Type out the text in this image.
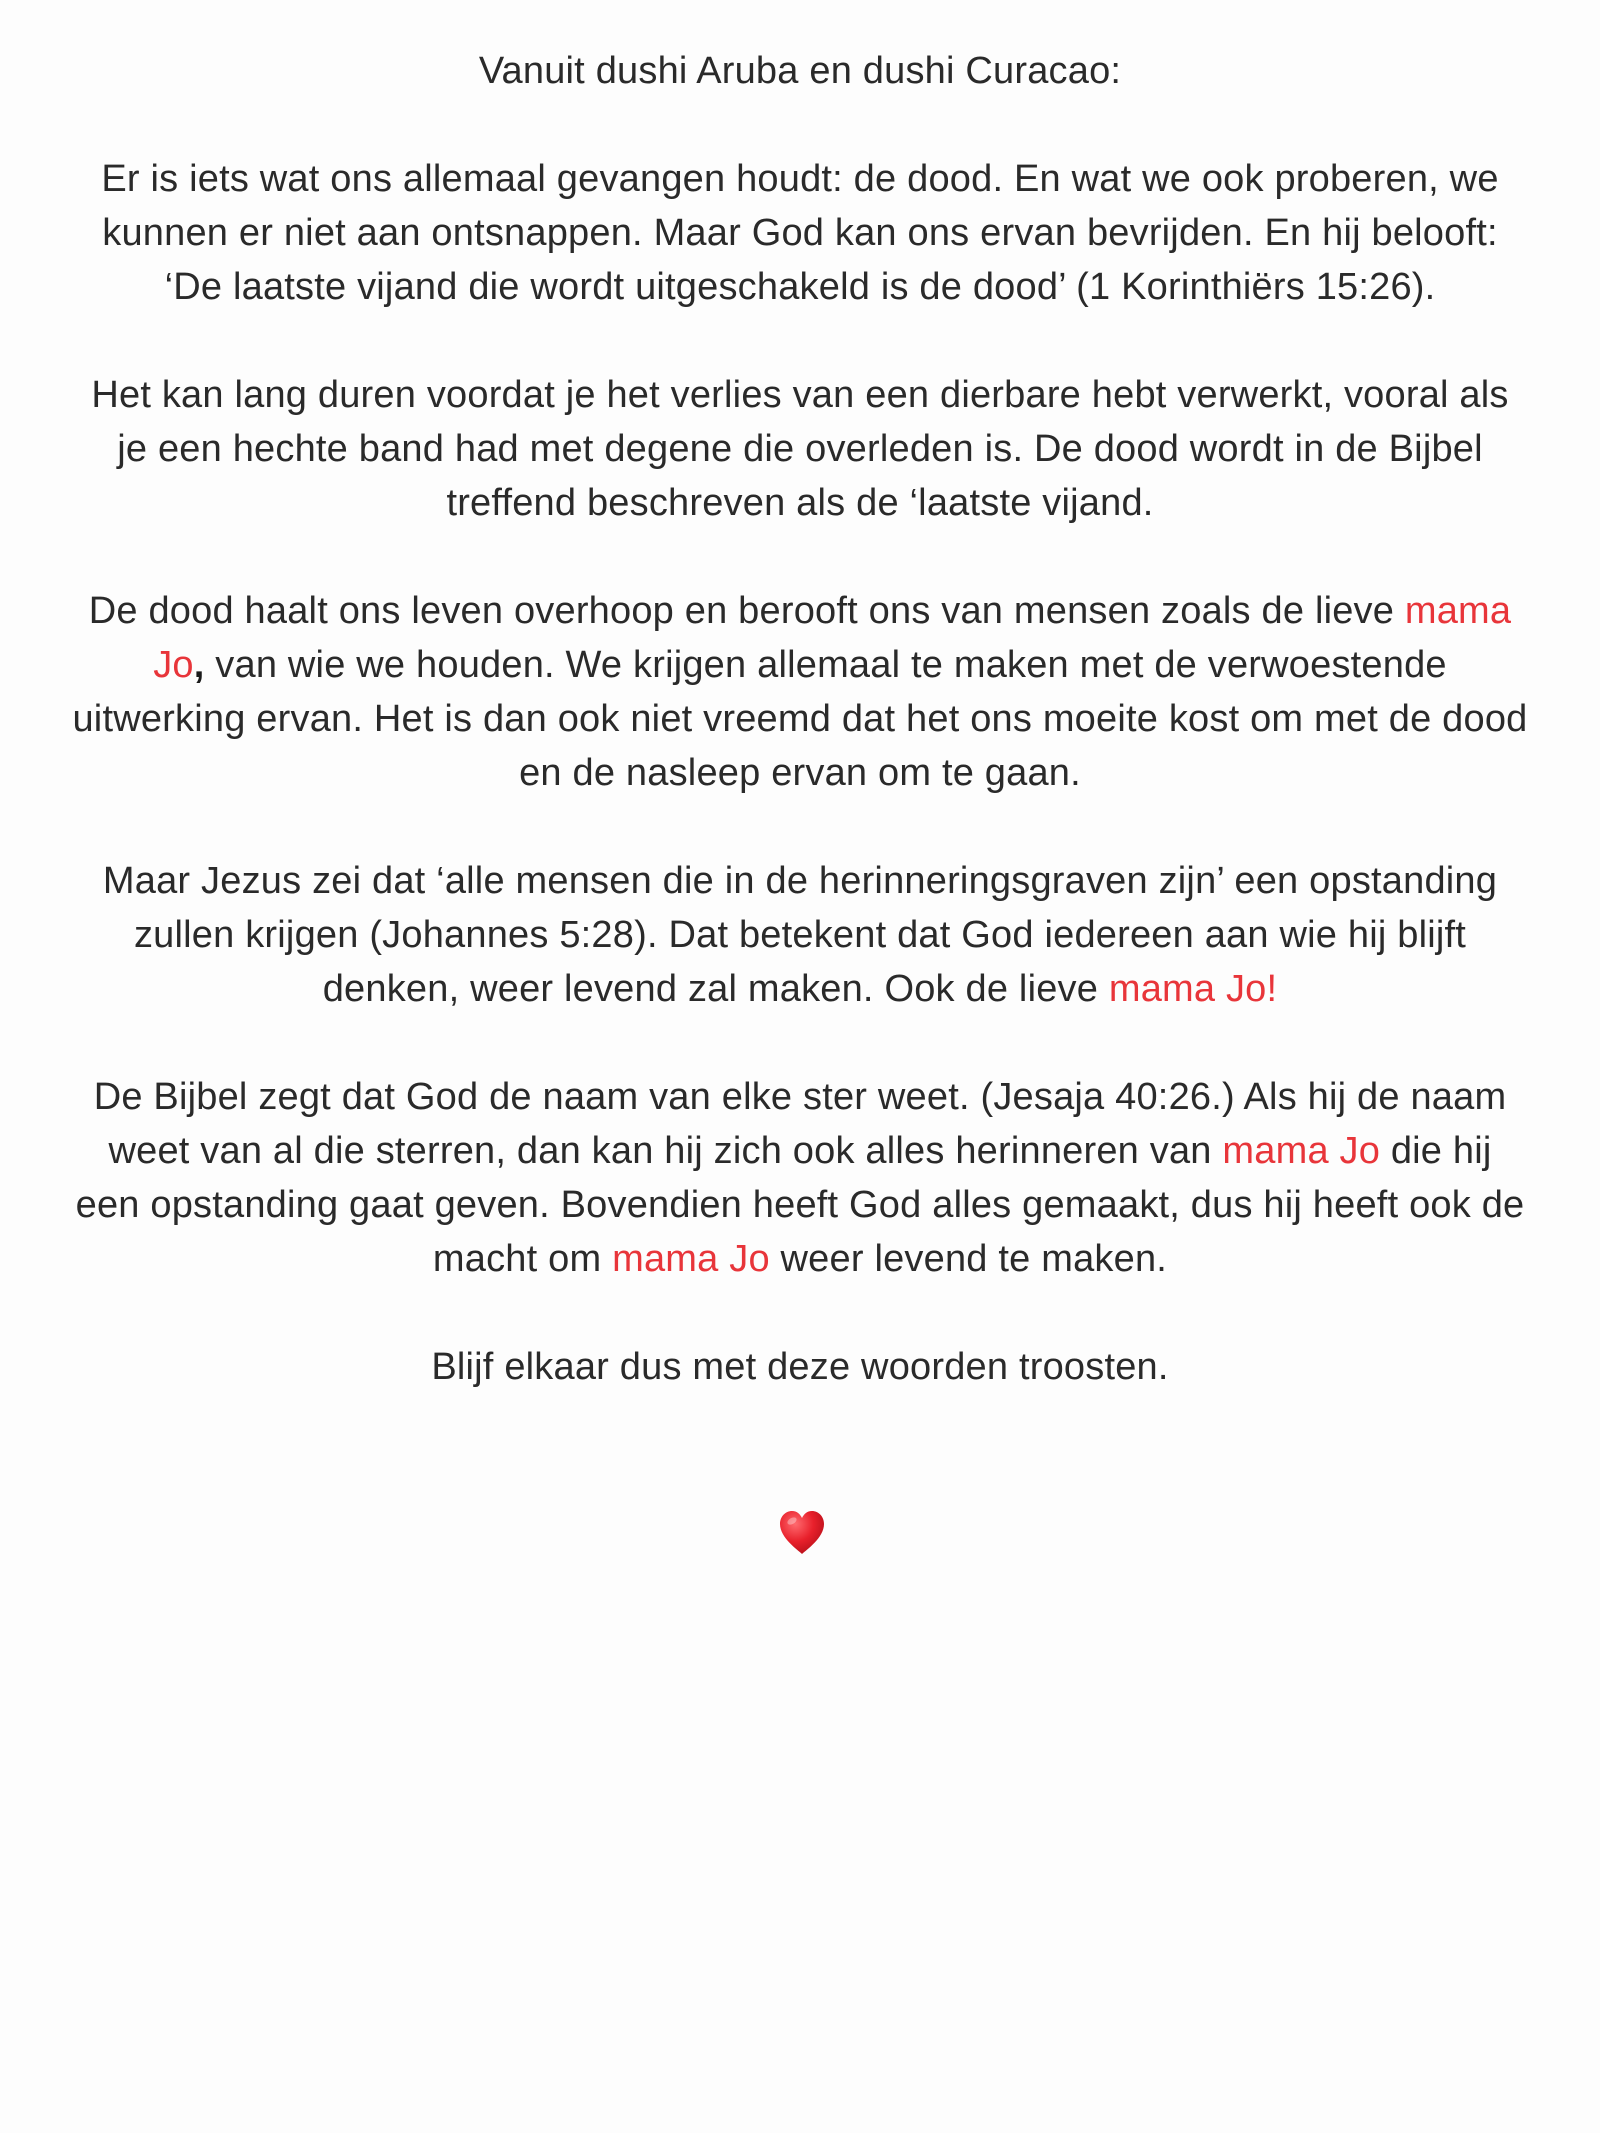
Vanuit dushi Aruba en dushi Curacao:

Er is iets wat ons allemaal gevangen houdt: de dood. En wat we ook proberen, we kunnen er niet aan ontsnappen. Maar God kan ons ervan bevrijden. En hij belooft: ‘De laatste vijand die wordt uitgeschakeld is de dood’ (1 Korinthiërs 15:26).

Het kan lang duren voordat je het verlies van een dierbare hebt verwerkt, vooral als je een hechte band had met degene die overleden is. De dood wordt in de Bijbel treffend beschreven als de ‘laatste vijand.

De dood haalt ons leven overhoop en berooft ons van mensen zoals de lieve mama Jo, van wie we houden. We krijgen allemaal te maken met de verwoestende uitwerking ervan. Het is dan ook niet vreemd dat het ons moeite kost om met de dood en de nasleep ervan om te gaan.

Maar Jezus zei dat ‘alle mensen die in de herinneringsgraven zijn’ een opstanding zullen krijgen (Johannes 5:28). Dat betekent dat God iedereen aan wie hij blijft denken, weer levend zal maken. Ook de lieve mama Jo!

De Bijbel zegt dat God de naam van elke ster weet. (Jesaja 40:26.) Als hij de naam weet van al die sterren, dan kan hij zich ook alles herinneren van mama Jo die hij een opstanding gaat geven. Bovendien heeft God alles gemaakt, dus hij heeft ook de macht om mama Jo weer levend te maken.

Blijf elkaar dus met deze woorden troosten.
